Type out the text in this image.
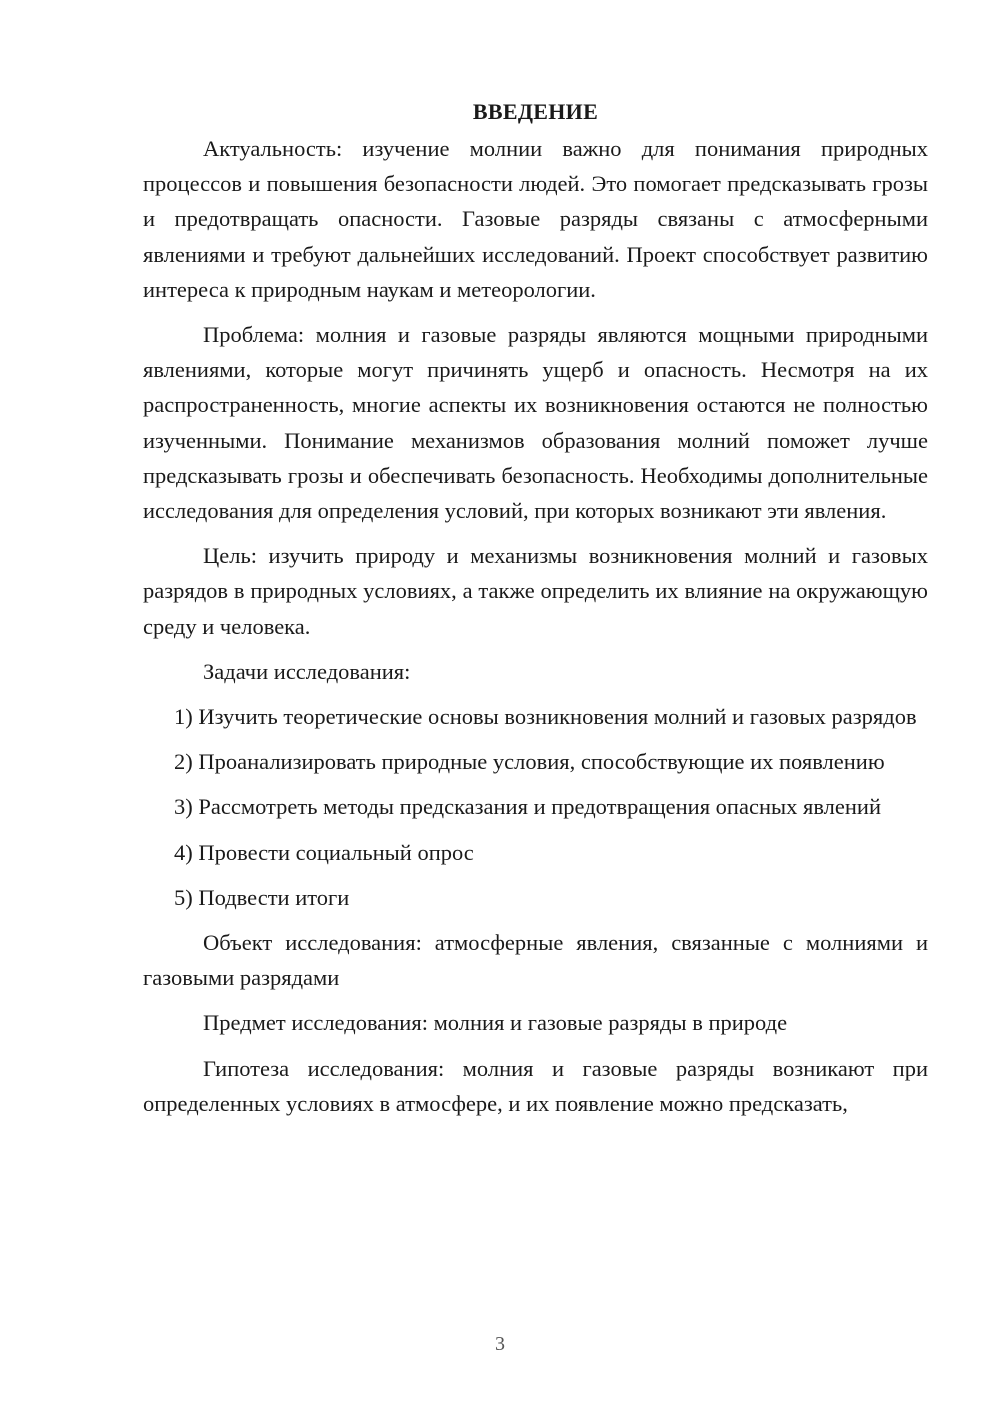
ВВЕДЕНИЕ

Актуальность: изучение молнии важно для понимания природных процессов и повышения безопасности людей. Это помогает предсказывать грозы и предотвращать опасности. Газовые разряды связаны с атмосферными явлениями и требуют дальнейших исследований. Проект способствует развитию интереса к природным наукам и метеорологии.

Проблема: молния и газовые разряды являются мощными природными явлениями, которые могут причинять ущерб и опасность. Несмотря на их распространенность, многие аспекты их возникновения остаются не полностью изученными. Понимание механизмов образования молний поможет лучше предсказывать грозы и обеспечивать безопасность. Необходимы дополнительные исследования для определения условий, при которых возникают эти явления.

Цель: изучить природу и механизмы возникновения молний и газовых разрядов в природных условиях, а также определить их влияние на окружающую среду и человека.

Задачи исследования:

1) Изучить теоретические основы возникновения молний и газовых разрядов

2) Проанализировать природные условия, способствующие их появлению

3) Рассмотреть методы предсказания и предотвращения опасных явлений

4) Провести социальный опрос

5) Подвести итоги

Объект исследования: атмосферные явления, связанные с молниями и газовыми разрядами

Предмет исследования: молния и газовые разряды в природе

Гипотеза исследования: молния и газовые разряды возникают при определенных условиях в атмосфере, и их появление можно предсказать,

3
